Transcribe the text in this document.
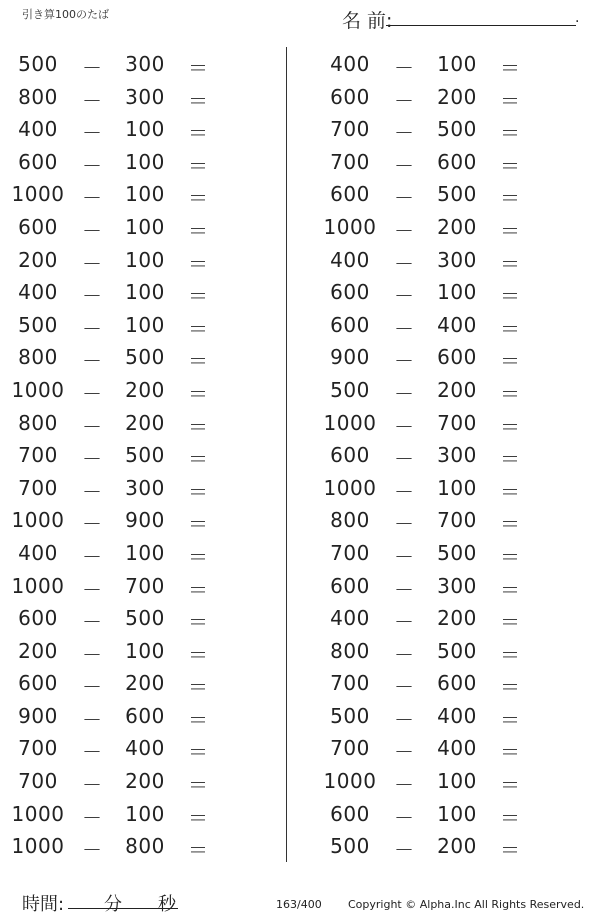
引き算100のたば	名 前:	.
500	－	300	＝
800	－	300	＝
400	－	100	＝
600	－	100	＝
1000 －	100	＝
600	－	100	＝
200	－	100	＝
400	－	100	＝
500	－	100	＝
800	－	500	＝
1000 －	200	＝
800	－	200	＝
700	－	500	＝
700	－	300	＝
1000 －	900	＝
400	－	100	＝
1000 －	700	＝
600	－	500	＝
200	－	100	＝
600	－	200	＝
900	－	600	＝
700	－	400	＝
700	－	200	＝
1000 －	100	＝
1000 －	800	＝
400	－	100	＝
600	－	200	＝
700	－	500	＝
700	－	600	＝
600	－	500	＝
1000 －	200	＝
400	－	300	＝
600	－	100	＝
600	－	400	＝
900	－	600	＝
500	－	200	＝
1000 －	700	＝
600	－	300	＝
1000 －	100	＝
800	－	700	＝
700	－	500	＝
600	－	300	＝
400	－	200	＝
800	－	500	＝
700	－	600	＝
500	－	400	＝
700	－	400	＝
1000 －	100	＝
600	－	100	＝
500	－	200	＝
時間: 分 秒	163/400 Copyright © Alpha.Inc All Rights Reserved.
